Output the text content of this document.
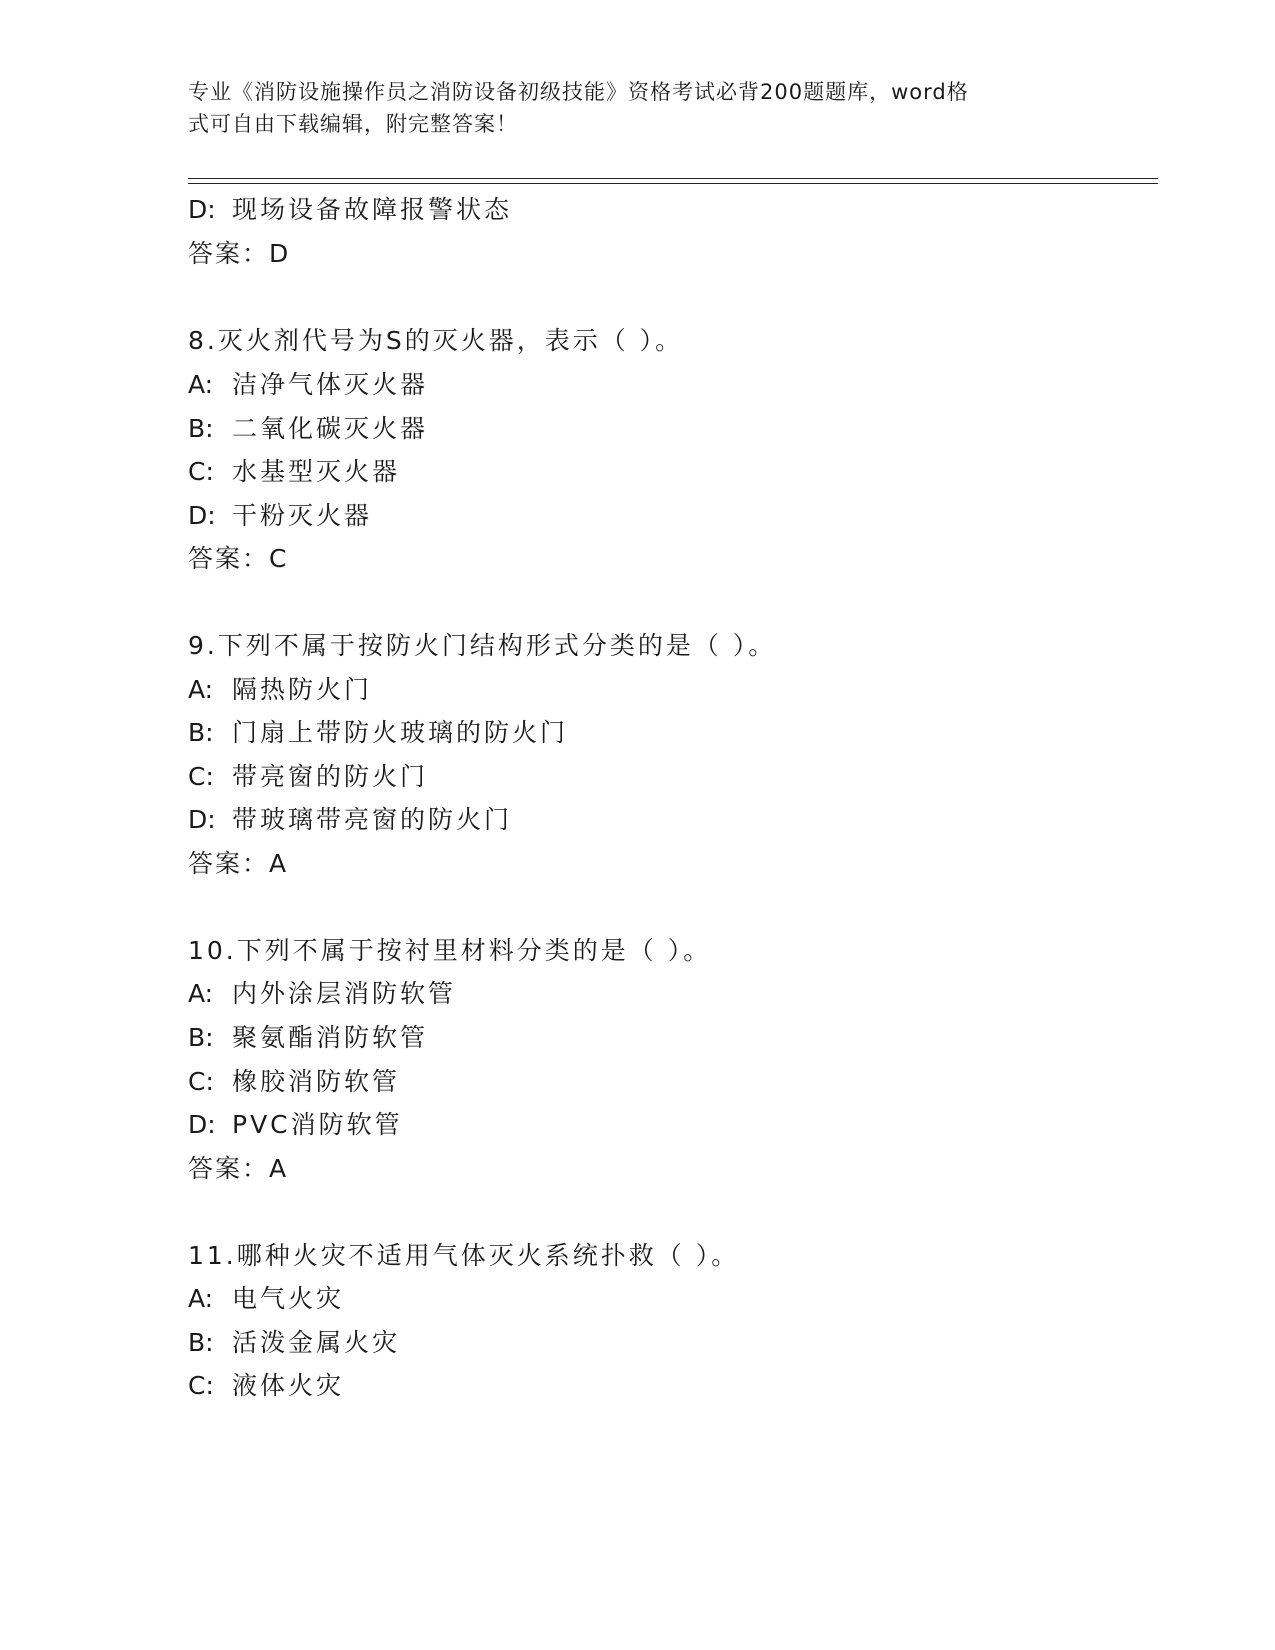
专业《消防设施操作员之消防设备初级技能》资格考试必背200题题库，word格
式可自由下载编辑，附完整答案！
D: 现场设备故障报警状态
答案：D
8.灭火剂代号为S的灭火器，表示（ ）。
A: 洁净气体灭火器
B: 二氧化碳灭火器
C: 水基型灭火器
D: 干粉灭火器
答案：C
9.下列不属于按防火门结构形式分类的是（ ）。
A: 隔热防火门
B: 门扇上带防火玻璃的防火门
C: 带亮窗的防火门
D: 带玻璃带亮窗的防火门
答案：A
10.下列不属于按衬里材料分类的是（ ）。
A: 内外涂层消防软管
B: 聚氨酯消防软管
C: 橡胶消防软管
D: PVC消防软管
答案：A
11.哪种火灾不适用气体灭火系统扑救（ ）。
A: 电气火灾
B: 活泼金属火灾
C: 液体火灾
